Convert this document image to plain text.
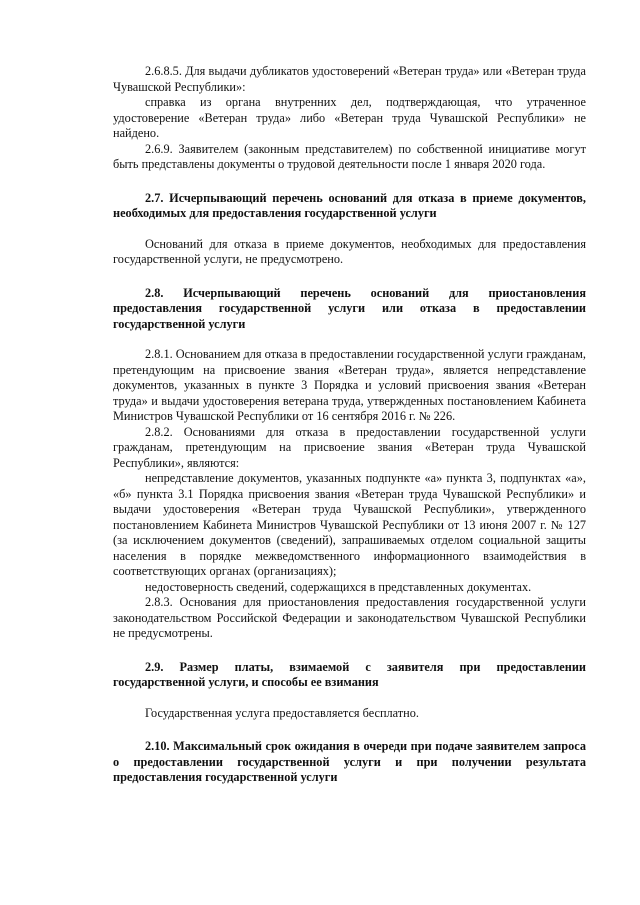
2.6.8.5. Для выдачи дубликатов удостоверений «Ветеран труда» или «Ветеран труда Чувашской Республики»:

справка из органа внутренних дел, подтверждающая, что утраченное удостоверение «Ветеран труда» либо «Ветеран труда Чувашской Республики» не найдено.

2.6.9. Заявителем (законным представителем) по собственной инициативе могут быть представлены документы о трудовой деятельности после 1 января 2020 года.

2.7. Исчерпывающий перечень оснований для отказа в приеме документов, необходимых для предоставления государственной услуги

Оснований для отказа в приеме документов, необходимых для предоставления государственной услуги, не предусмотрено.

2.8. Исчерпывающий перечень оснований для приостановления предоставления государственной услуги или отказа в предоставлении государственной услуги

2.8.1. Основанием для отказа в предоставлении государственной услуги гражданам, претендующим на присвоение звания «Ветеран труда», является непредставление документов, указанных в пункте 3 Порядка и условий присвоения звания «Ветеран труда» и выдачи удостоверения ветерана труда, утвержденных постановлением Кабинета Министров Чувашской Республики от 16 сентября 2016 г. № 226.

2.8.2. Основаниями для отказа в предоставлении государственной услуги гражданам, претендующим на присвоение звания «Ветеран труда Чувашской Республики», являются:

непредставление документов, указанных подпункте «а» пункта 3, подпунктах «а», «б» пункта 3.1 Порядка присвоения звания «Ветеран труда Чувашской Республики» и выдачи удостоверения «Ветеран труда Чувашской Республики», утвержденного постановлением Кабинета Министров Чувашской Республики от 13 июня 2007 г. № 127 (за исключением документов (сведений), запрашиваемых отделом социальной защиты населения в порядке межведомственного информационного взаимодействия в соответствующих органах (организациях);

недостоверность сведений, содержащихся в представленных документах.

2.8.3. Основания для приостановления предоставления государственной услуги законодательством Российской Федерации и законодательством Чувашской Республики не предусмотрены.

2.9. Размер платы, взимаемой с заявителя при предоставлении государственной услуги, и способы ее взимания

Государственная услуга предоставляется бесплатно.

2.10. Максимальный срок ожидания в очереди при подаче заявителем запроса о предоставлении государственной услуги и при получении результата предоставления государственной услуги
